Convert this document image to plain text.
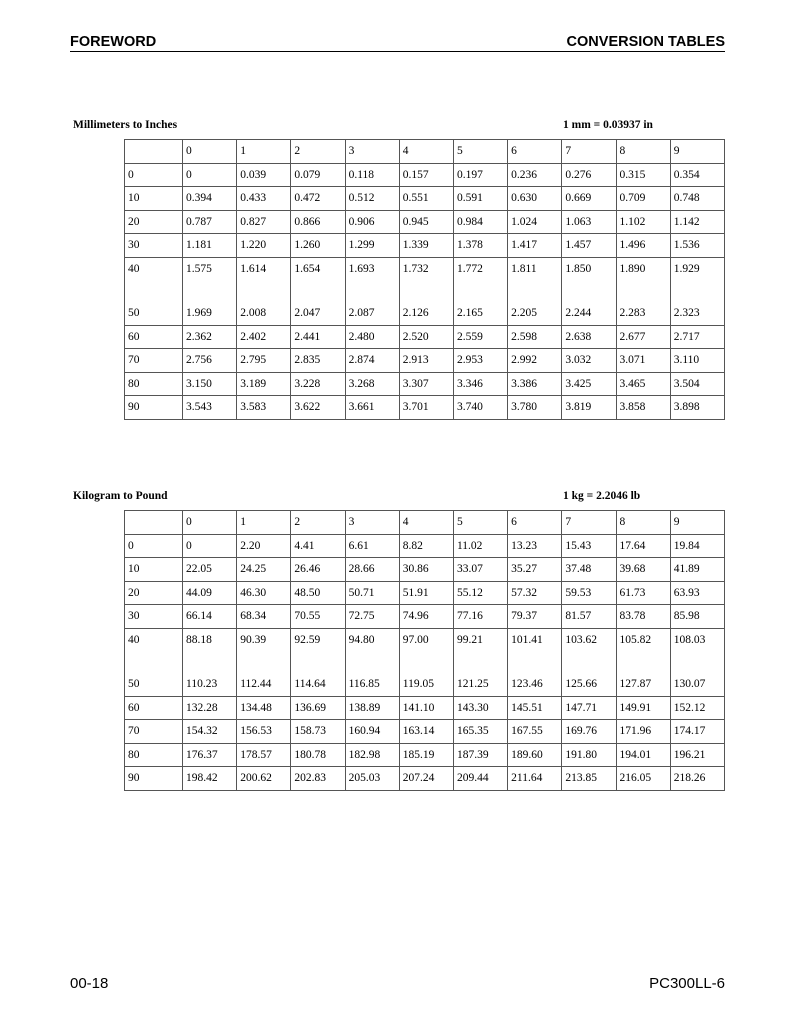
FOREWORD	CONVERSION TABLES
Millimeters to Inches	1 mm = 0.03937 in
	0	1	2	3	4	5	6	7	8	9
0	0	0.039	0.079	0.118	0.157	0.197	0.236	0.276	0.315	0.354
10	0.394	0.433	0.472	0.512	0.551	0.591	0.630	0.669	0.709	0.748
20	0.787	0.827	0.866	0.906	0.945	0.984	1.024	1.063	1.102	1.142
30	1.181	1.220	1.260	1.299	1.339	1.378	1.417	1.457	1.496	1.536
40	1.575	1.614	1.654	1.693	1.732	1.772	1.811	1.850	1.890	1.929

50	1.969	2.008	2.047	2.087	2.126	2.165	2.205	2.244	2.283	2.323
60	2.362	2.402	2.441	2.480	2.520	2.559	2.598	2.638	2.677	2.717
70	2.756	2.795	2.835	2.874	2.913	2.953	2.992	3.032	3.071	3.110
80	3.150	3.189	3.228	3.268	3.307	3.346	3.386	3.425	3.465	3.504
90	3.543	3.583	3.622	3.661	3.701	3.740	3.780	3.819	3.858	3.898
Kilogram to Pound	1 kg = 2.2046 lb
	0	1	2	3	4	5	6	7	8	9
0	0	2.20	4.41	6.61	8.82	11.02	13.23	15.43	17.64	19.84
10	22.05	24.25	26.46	28.66	30.86	33.07	35.27	37.48	39.68	41.89
20	44.09	46.30	48.50	50.71	51.91	55.12	57.32	59.53	61.73	63.93
30	66.14	68.34	70.55	72.75	74.96	77.16	79.37	81.57	83.78	85.98
40	88.18	90.39	92.59	94.80	97.00	99.21	101.41	103.62	105.82	108.03

50	110.23	112.44	114.64	116.85	119.05	121.25	123.46	125.66	127.87	130.07
60	132.28	134.48	136.69	138.89	141.10	143.30	145.51	147.71	149.91	152.12
70	154.32	156.53	158.73	160.94	163.14	165.35	167.55	169.76	171.96	174.17
80	176.37	178.57	180.78	182.98	185.19	187.39	189.60	191.80	194.01	196.21
90	198.42	200.62	202.83	205.03	207.24	209.44	211.64	213.85	216.05	218.26
00-18	PC300LL-6
